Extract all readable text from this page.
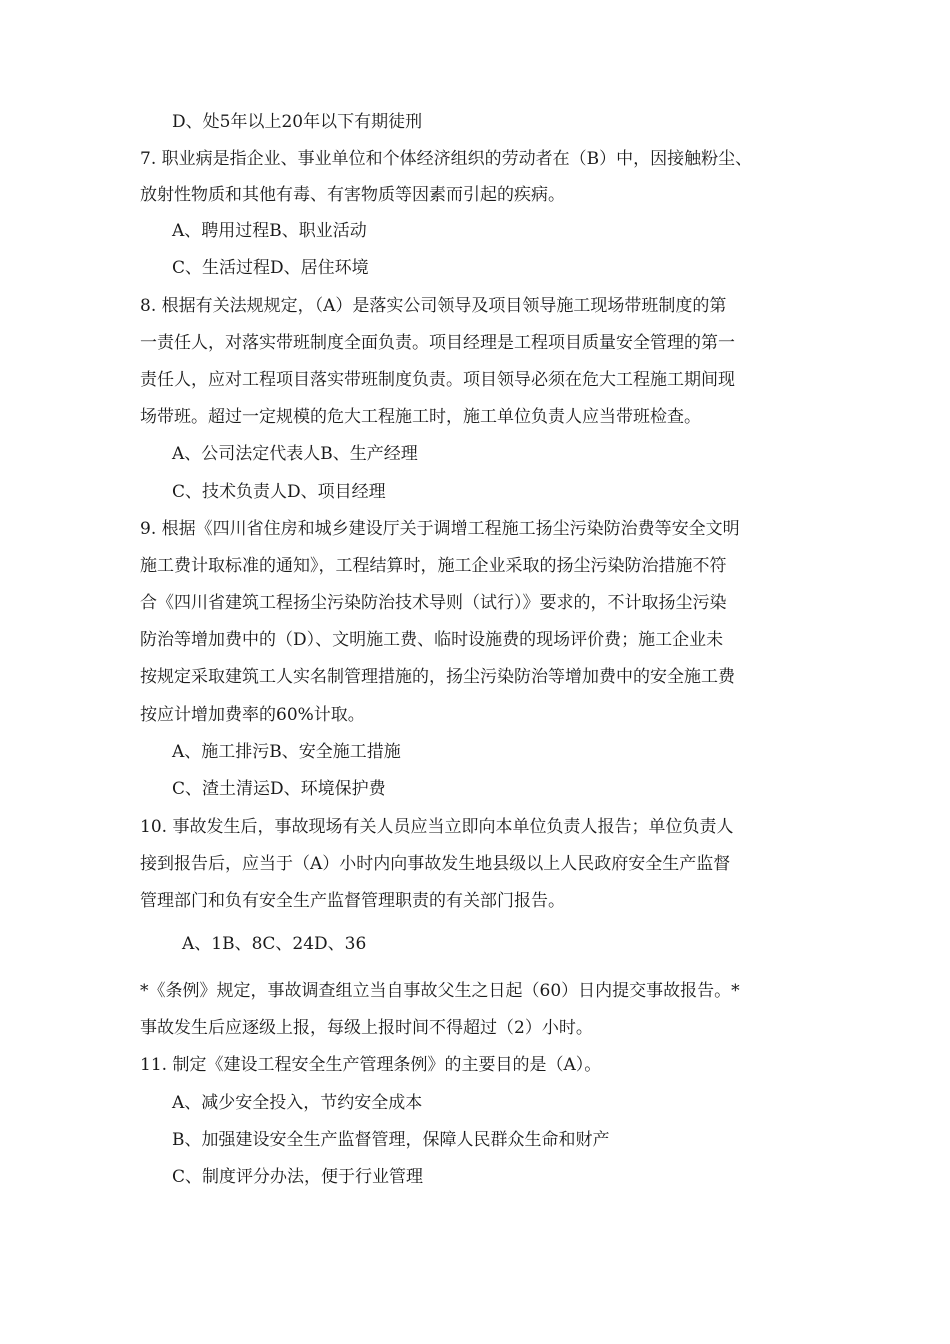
D、处5年以上20年以下有期徒刑
7. 职业病是指企业、事业单位和个体经济组织的劳动者在（B）中，因接触粉尘、
放射性物质和其他有毒、有害物质等因素而引起的疾病。
A、聘用过程B、职业活动
C、生活过程D、居住环境
8. 根据有关法规规定，（A）是落实公司领导及项目领导施工现场带班制度的第
一责任人，对落实带班制度全面负责。项目经理是工程项目质量安全管理的第一
责任人，应对工程项目落实带班制度负责。项目领导必须在危大工程施工期间现
场带班。超过一定规模的危大工程施工时，施工单位负责人应当带班检查。
A、公司法定代表人B、生产经理
C、技术负责人D、项目经理
9. 根据《四川省住房和城乡建设厅关于调增工程施工扬尘污染防治费等安全文明
施工费计取标准的通知》，工程结算时，施工企业采取的扬尘污染防治措施不符
合《四川省建筑工程扬尘污染防治技术导则（试行）》要求的，不计取扬尘污染
防治等增加费中的（D）、文明施工费、临时设施费的现场评价费；施工企业未
按规定采取建筑工人实名制管理措施的，扬尘污染防治等增加费中的安全施工费
按应计增加费率的60%计取。
A、施工排污B、安全施工措施
C、渣土清运D、环境保护费
10. 事故发生后，事故现场有关人员应当立即向本单位负责人报告；单位负责人
接到报告后，应当于（A）小时内向事故发生地县级以上人民政府安全生产监督
管理部门和负有安全生产监督管理职责的有关部门报告。
A、1B、8C、24D、36
*《条例》规定，事故调查组立当自事故父生之日起（60）日内提交事故报告。*
事故发生后应逐级上报，每级上报时间不得超过（2）小时。
11. 制定《建设工程安全生产管理条例》的主要目的是（A）。
A、减少安全投入，节约安全成本
B、加强建设安全生产监督管理，保障人民群众生命和财产
C、制度评分办法，便于行业管理
